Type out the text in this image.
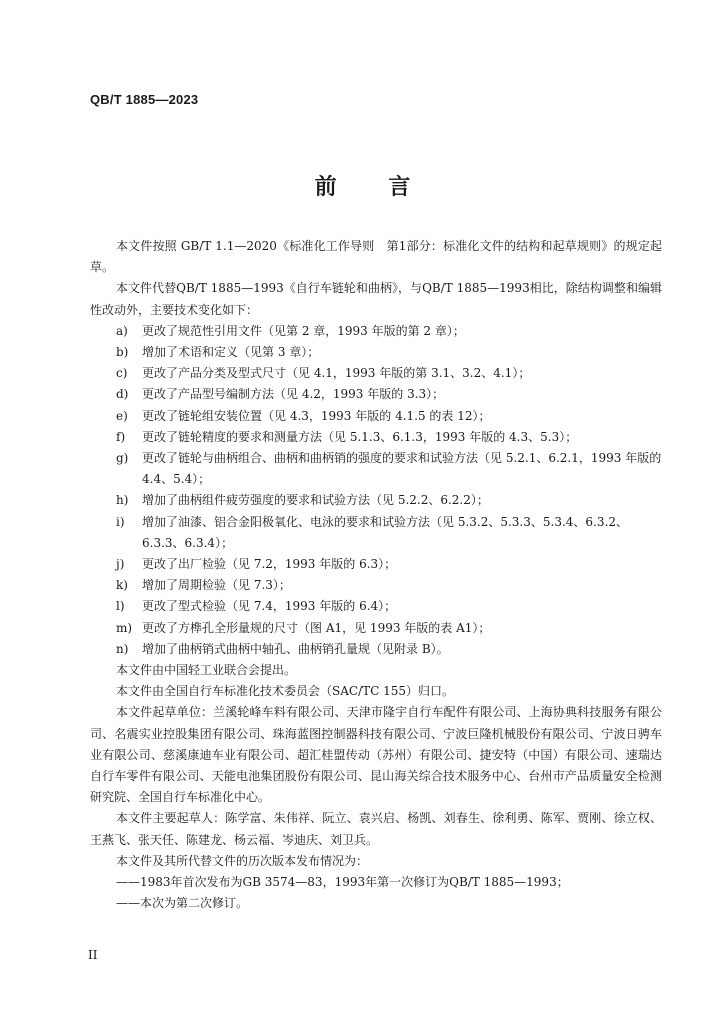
QB/T 1885—2023
前 言

本文件按照 GB/T 1.1—2020《标准化工作导则　第1部分：标准化文件的结构和起草规则》的规定起草。

本文件代替QB/T 1885—1993《自行车链轮和曲柄》，与QB/T 1885—1993相比，除结构调整和编辑性改动外，主要技术变化如下：

a)	更改了规范性引用文件（见第 2 章，1993 年版的第 2 章）；
b)	增加了术语和定义（见第 3 章）；
c)	更改了产品分类及型式尺寸（见 4.1，1993 年版的第 3.1、3.2、4.1）；
d)	更改了产品型号编制方法（见 4.2，1993 年版的 3.3）；
e)	更改了链轮组安装位置（见 4.3，1993 年版的 4.1.5 的表 12）；
f)	更改了链轮精度的要求和测量方法（见 5.1.3、6.1.3，1993 年版的 4.3、5.3）；
g)	更改了链轮与曲柄组合、曲柄和曲柄销的强度的要求和试验方法（见 5.2.1、6.2.1，1993 年版的 4.4、5.4）；
h)	增加了曲柄组件疲劳强度的要求和试验方法（见 5.2.2、6.2.2）；
i)	增加了油漆、铝合金阳极氧化、电泳的要求和试验方法（见 5.3.2、5.3.3、5.3.4、6.3.2、6.3.3、6.3.4）；
j)	更改了出厂检验（见 7.2，1993 年版的 6.3）；
k)	增加了周期检验（见 7.3）；
l)	更改了型式检验（见 7.4，1993 年版的 6.4）；
m) 更改了方榫孔全形量规的尺寸（图 A1，见 1993 年版的表 A1）；
n)	增加了曲柄销式曲柄中轴孔、曲柄销孔量规（见附录 B）。

本文件由中国轻工业联合会提出。

本文件由全国自行车标准化技术委员会（SAC/TC 155）归口。

本文件起草单位：兰溪轮峰车料有限公司、天津市隆宇自行车配件有限公司、上海协典科技服务有限公司、名震实业控股集团有限公司、珠海蓝图控制器科技有限公司、宁波巨隆机械股份有限公司、宁波日骋车业有限公司、慈溪康迪车业有限公司、超汇桂盟传动（苏州）有限公司、捷安特（中国）有限公司、速瑞达自行车零件有限公司、天能电池集团股份有限公司、昆山海关综合技术服务中心、台州市产品质量安全检测研究院、全国自行车标准化中心。

本文件主要起草人：陈学富、朱伟祥、阮立、袁兴启、杨凯、刘春生、徐利勇、陈军、贾刚、徐立权、王燕飞、张天任、陈建龙、杨云福、岑迪庆、刘卫兵。

本文件及其所代替文件的历次版本发布情况为：

——1983年首次发布为GB 3574—83，1993年第一次修订为QB/T 1885—1993；

——本次为第二次修订。

II
